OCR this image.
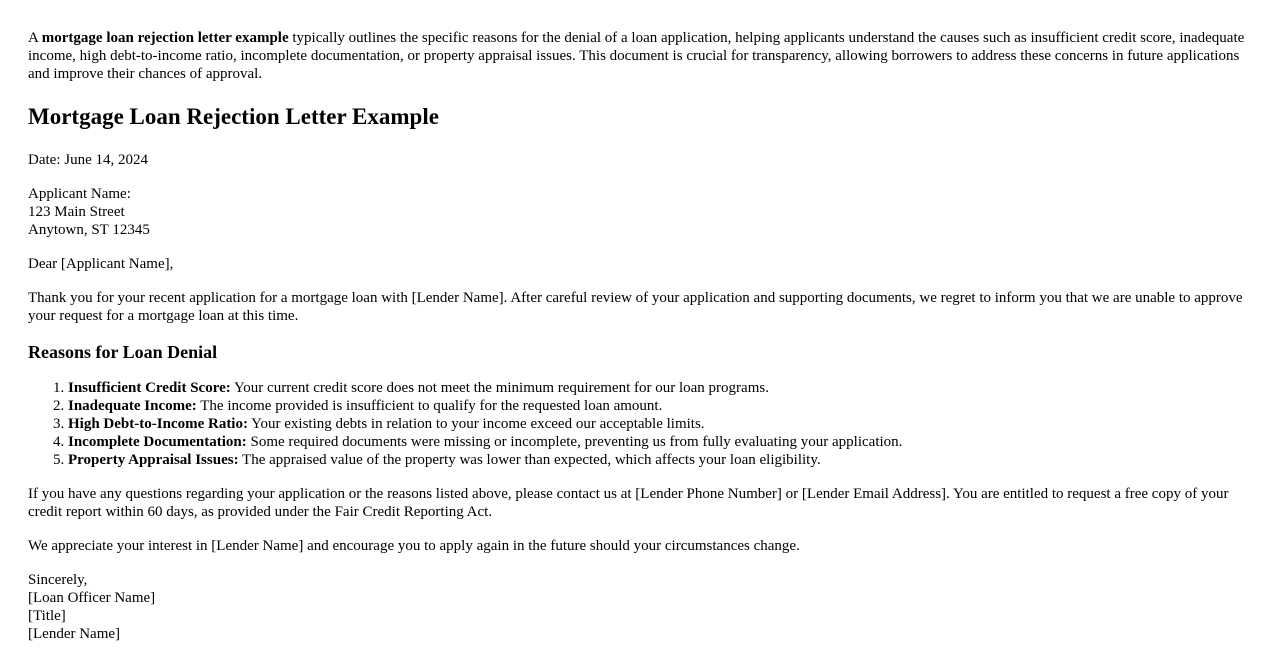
A mortgage loan rejection letter example typically outlines the specific reasons for the denial of a loan application, helping applicants understand the causes such as insufficient credit score, inadequate income, high debt-to-income ratio, incomplete documentation, or property appraisal issues. This document is crucial for transparency, allowing borrowers to address these concerns in future applications and improve their chances of approval.

Mortgage Loan Rejection Letter Example

Date: June 14, 2024

Applicant Name:
123 Main Street
Anytown, ST 12345

Dear [Applicant Name],

Thank you for your recent application for a mortgage loan with [Lender Name]. After careful review of your application and supporting documents, we regret to inform you that we are unable to approve your request for a mortgage loan at this time.

Reasons for Loan Denial
1. Insufficient Credit Score: Your current credit score does not meet the minimum requirement for our loan programs.
2. Inadequate Income: The income provided is insufficient to qualify for the requested loan amount.
3. High Debt-to-Income Ratio: Your existing debts in relation to your income exceed our acceptable limits.
4. Incomplete Documentation: Some required documents were missing or incomplete, preventing us from fully evaluating your application.
5. Property Appraisal Issues: The appraised value of the property was lower than expected, which affects your loan eligibility.

If you have any questions regarding your application or the reasons listed above, please contact us at [Lender Phone Number] or [Lender Email Address]. You are entitled to request a free copy of your credit report within 60 days, as provided under the Fair Credit Reporting Act.

We appreciate your interest in [Lender Name] and encourage you to apply again in the future should your circumstances change.

Sincerely,
[Loan Officer Name]
[Title]
[Lender Name]
